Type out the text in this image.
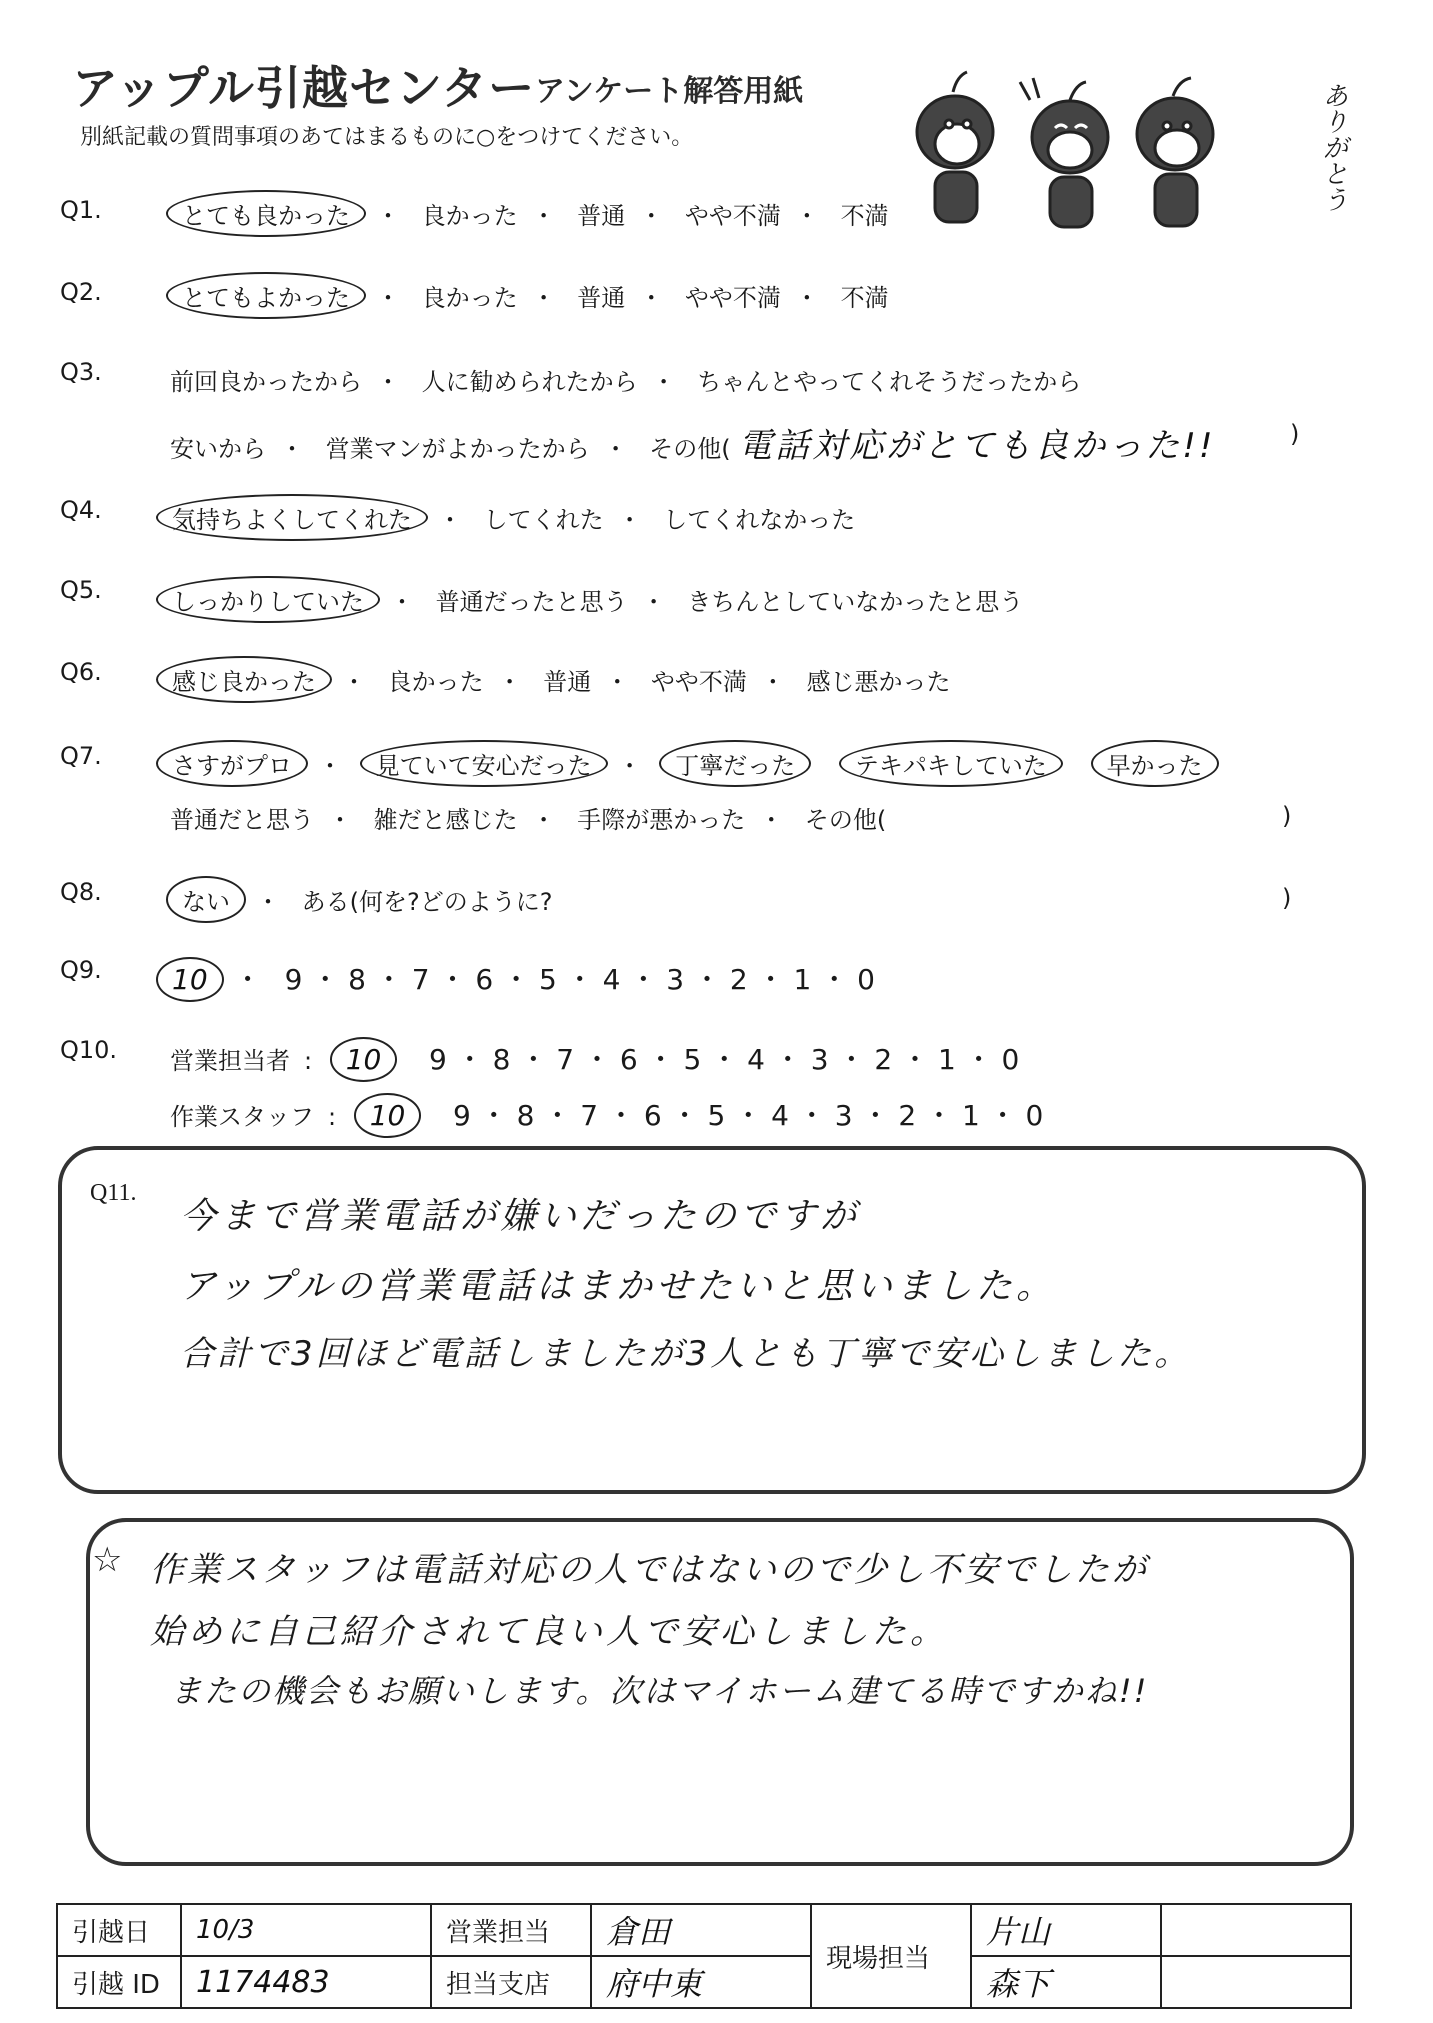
アップル引越センター アンケート解答用紙
別紙記載の質問事項のあてはまるものに○をつけてください。	ありがとう
Q1.	とても良かった ・ 良かった ・ 普通 ・ やや不満 ・ 不満
Q2.	とてもよかった ・ 良かった ・ 普通 ・ やや不満 ・ 不満
Q3.	前回良かったから ・ 人に勧められたから ・ ちゃんとやってくれそうだったから
安いから ・ 営業マンがよかったから ・ その他( 電話対応がとても良かった!!	)
Q4.	気持ちよくしてくれた ・ してくれた ・ してくれなかった
Q5.	しっかりしていた ・ 普通だったと思う ・ きちんとしていなかったと思う
Q6.	感じ良かった ・ 良かった ・ 普通 ・ やや不満 ・ 感じ悪かった
Q7.	さすがプロ ・ 見ていて安心だった ・ 丁寧だった テキパキしていた 早かった
普通だと思う ・ 雑だと感じた ・ 手際が悪かった ・ その他(	)
Q8.	ない ・ ある(何を?どのように?	)
Q9.	10 ・ 9 ・ 8 ・ 7 ・ 6 ・ 5 ・ 4 ・ 3 ・ 2 ・ 1 ・ 0
Q10. 営業担当者 : 10 9 ・ 8 ・ 7 ・ 6 ・ 5 ・ 4 ・ 3 ・ 2 ・ 1 ・ 0
作業スタッフ : 10 9 ・ 8 ・ 7 ・ 6 ・ 5 ・ 4 ・ 3 ・ 2 ・ 1 ・ 0
Q11.
今まで営業電話が嫌いだったのですが
アップルの営業電話はまかせたいと思いました。
合計で3回ほど電話しましたが3人とも丁寧で安心しました。
☆ 作業スタッフは電話対応の人ではないので少し不安でしたが
始めに自己紹介されて良い人で安心しました。
またの機会もお願いします。次はマイホーム建てる時ですかね!!
引越日	10/3	営業担当	倉田	現場担当	片山	
引越 ID	1174483	担当支店	府中東		森下	
